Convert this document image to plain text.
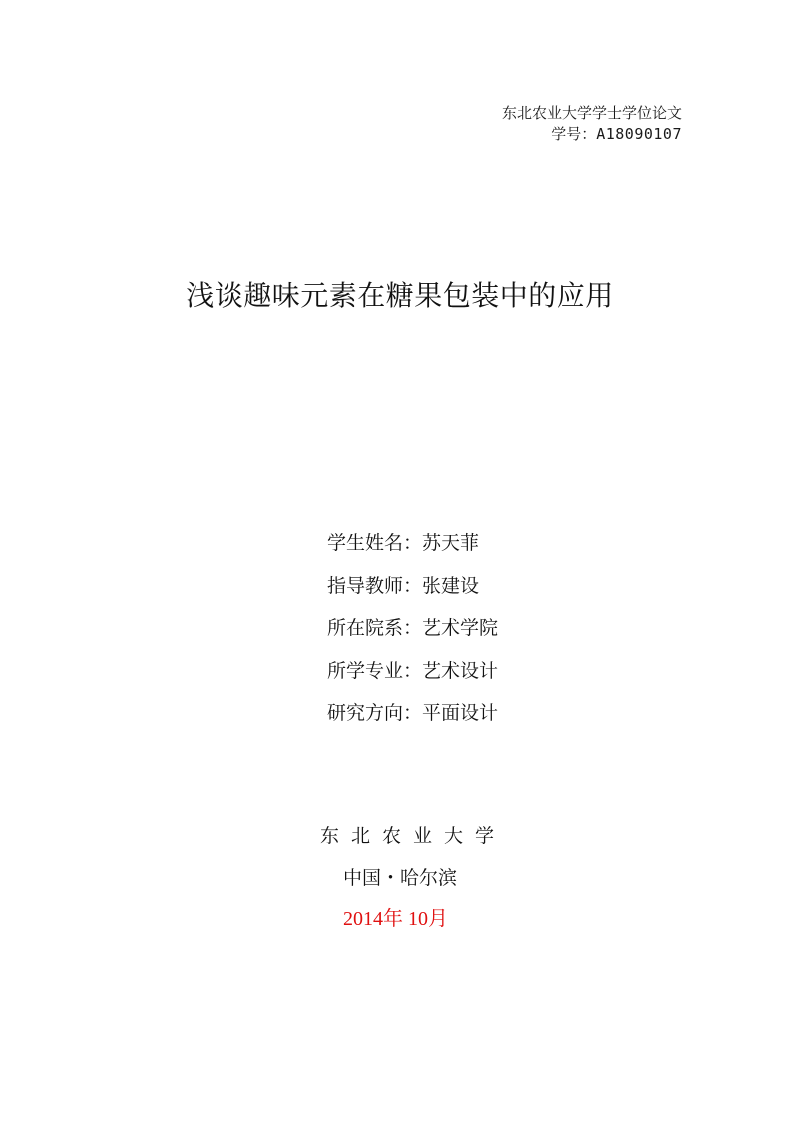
东北农业大学学士学位论文
学号：A18090107
浅谈趣味元素在糖果包装中的应用
学生姓名：苏天菲
指导教师：张建设
所在院系：艺术学院
所学专业：艺术设计
研究方向：平面设计
东北农业大学
中国・哈尔滨
2014年 10月
